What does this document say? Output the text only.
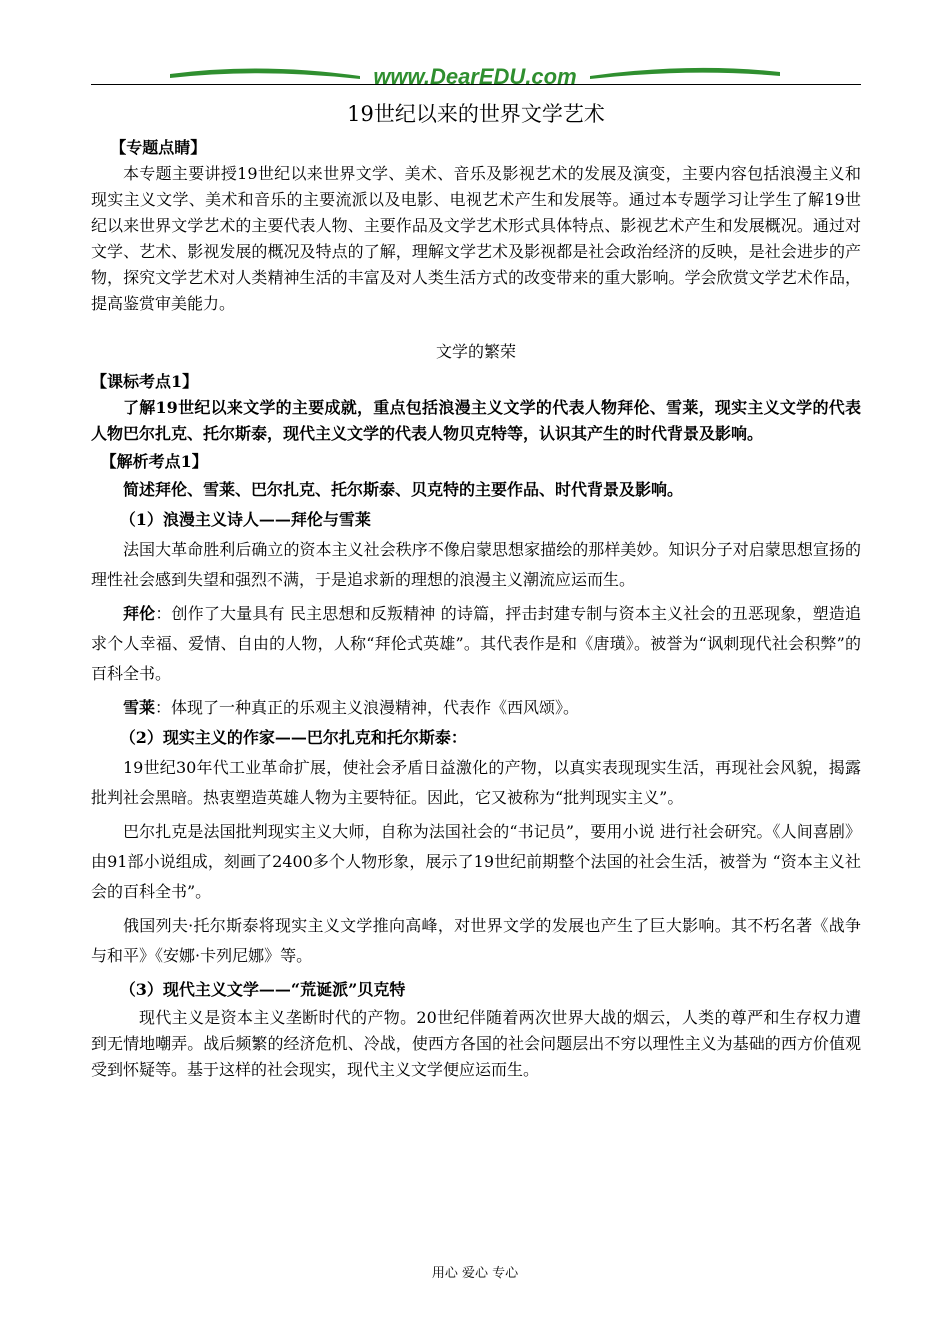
www.DearEDU.com
19世纪以来的世界文学艺术
【专题点睛】

本专题主要讲授19世纪以来世界文学、美术、音乐及影视艺术的发展及演变，主要内容包括浪漫主义和现实主义文学、美术和音乐的主要流派以及电影、电视艺术产生和发展等。通过本专题学习让学生了解19世纪以来世界文学艺术的主要代表人物、主要作品及文学艺术形式具体特点、影视艺术产生和发展概况。通过对文学、艺术、影视发展的概况及特点的了解，理解文学艺术及影视都是社会政治经济的反映，是社会进步的产物，探究文学艺术对人类精神生活的丰富及对人类生活方式的改变带来的重大影响。学会欣赏文学艺术作品，提高鉴赏审美能力。

文学的繁荣
【课标考点1】

了解19世纪以来文学的主要成就，重点包括浪漫主义文学的代表人物拜伦、雪莱，现实主义文学的代表人物巴尔扎克、托尔斯泰，现代主义文学的代表人物贝克特等，认识其产生的时代背景及影响。

【解析考点1】

简述拜伦、雪莱、巴尔扎克、托尔斯泰、贝克特的主要作品、时代背景及影响。

（1）浪漫主义诗人——拜伦与雪莱

法国大革命胜利后确立的资本主义社会秩序不像启蒙思想家描绘的那样美妙。知识分子对启蒙思想宣扬的理性社会感到失望和强烈不满，于是追求新的理想的浪漫主义潮流应运而生。

拜伦：创作了大量具有 民主思想和反叛精神 的诗篇，抨击封建专制与资本主义社会的丑恶现象，塑造追求个人幸福、爱情、自由的人物，人称“拜伦式英雄”。其代表作是和《唐璜》。被誉为“讽刺现代社会积弊”的百科全书。

雪莱：体现了一种真正的乐观主义浪漫精神，代表作《西风颂》。

（2）现实主义的作家——巴尔扎克和托尔斯泰：

19世纪30年代工业革命扩展，使社会矛盾日益激化的产物，以真实表现现实生活，再现社会风貌，揭露批判社会黑暗。热衷塑造英雄人物为主要特征。因此，它又被称为“批判现实主义”。

巴尔扎克是法国批判现实主义大师，自称为法国社会的“书记员”，要用小说 进行社会研究。《人间喜剧》由91部小说组成，刻画了2400多个人物形象，展示了19世纪前期整个法国的社会生活，被誉为 “资本主义社会的百科全书”。

俄国列夫·托尔斯泰将现实主义文学推向高峰，对世界文学的发展也产生了巨大影响。其不朽名著《战争与和平》《安娜·卡列尼娜》等。

（3）现代主义文学——“荒诞派”贝克特

现代主义是资本主义垄断时代的产物。20世纪伴随着两次世界大战的烟云，人类的尊严和生存权力遭到无情地嘲弄。战后频繁的经济危机、冷战，使西方各国的社会问题层出不穷以理性主义为基础的西方价值观受到怀疑等。基于这样的社会现实，现代主义文学便应运而生。

用心 爱心 专心
